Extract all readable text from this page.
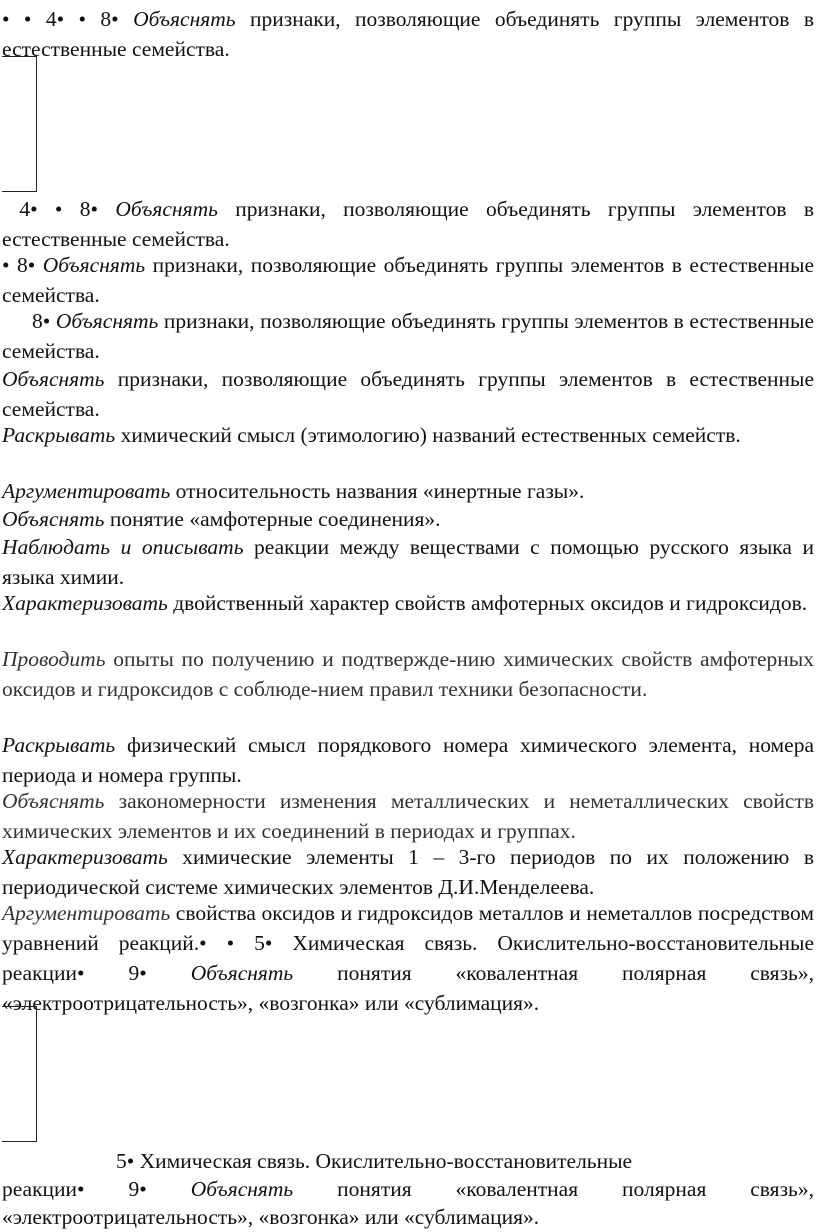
• • 4• • 8• Объяснять признаки, позволяющие объединять группы элементов в естественные семейства.

4• • 8• Объяснять признаки, позволяющие объединять группы элементов в естественные семейства.

• 8• Объяснять признаки, позволяющие объединять группы элементов в естественные семейства.

8• Объяснять признаки, позволяющие объединять группы элементов в естественные семейства.

Объяснять признаки, позволяющие объединять группы элементов в естественные семейства.

Раскрывать химический смысл (этимологию) названий естественных семейств.

Аргументировать относительность названия «инертные газы».

Объяснять понятие «амфотерные соединения».

Наблюдать и описывать реакции между веществами с помощью русского языка и языка химии.

Характеризовать двойственный характер свойств амфотерных оксидов и гидроксидов.

Проводить опыты по получению и подтвержде-нию химических свойств амфотерных оксидов и гидроксидов с соблюде-нием правил техники безопасности.

Раскрывать физический смысл порядкового номера химического элемента, номера периода и номера группы.

Объяснять закономерности изменения металлических и неметаллических свойств химических элементов и их соединений в периодах и группах.

Характеризовать химические элементы 1 – 3-го периодов по их положению в периодической системе химических элементов Д.И.Менделеева.

Аргументировать свойства оксидов и гидроксидов металлов и неметаллов посредством уравнений реакций.• • 5• Химическая связь. Окислительно-восстановительные реакции• 9• Объяснять понятия «ковалентная полярная связь», «электроотрицательность», «возгонка» или «сублимация».

5• Химическая связь. Окислительно-восстановительные

реакции• 9• Объяснять понятия «ковалентная полярная связь»,

«электроотрицательность», «возгонка» или «сублимация».
